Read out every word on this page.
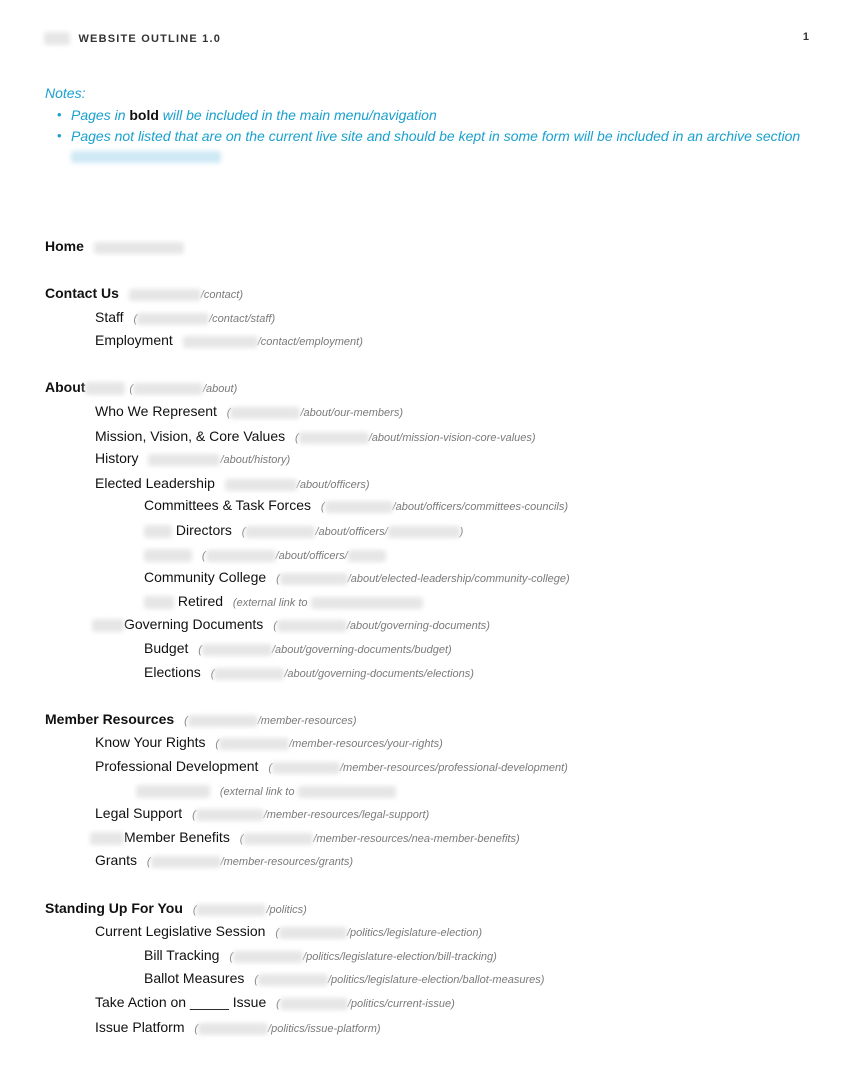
WEBSITE OUTLINE 1.0	1
Notes:
• Pages in bold will be included in the main menu/navigation
• Pages not listed that are on the current live site and should be kept in some form will be included in an archive section
Home
Contact Us	/contact)
Staff (	/contact/staff)
Employment	/contact/employment)
About	(	/about)
Who We Represent (	/about/our-members)
Mission, Vision, & Core Values (	/about/mission-vision-core-values)
History	/about/history)
Elected Leadership	/about/officers)
Committees & Task Forces (	/about/officers/committees-councils)
Directors (	/about/officers/	)
(	/about/officers/
Community College (	/about/elected-leadership/community-college)
Retired (external link to
Governing Documents (	/about/governing-documents)
Budget (	/about/governing-documents/budget)
Elections (	/about/governing-documents/elections)
Member Resources (	/member-resources)
Know Your Rights (	/member-resources/your-rights)
Professional Development (	/member-resources/professional-development)
(external link to
Legal Support (	/member-resources/legal-support)
Member Benefits (	/member-resources/nea-member-benefits)
Grants (	/member-resources/grants)
Standing Up For You (	/politics)
Current Legislative Session (	/politics/legislature-election)
Bill Tracking (	/politics/legislature-election/bill-tracking)
Ballot Measures (	/politics/legislature-election/ballot-measures)
Take Action on _____ Issue (	/politics/current-issue)
Issue Platform (	/politics/issue-platform)
